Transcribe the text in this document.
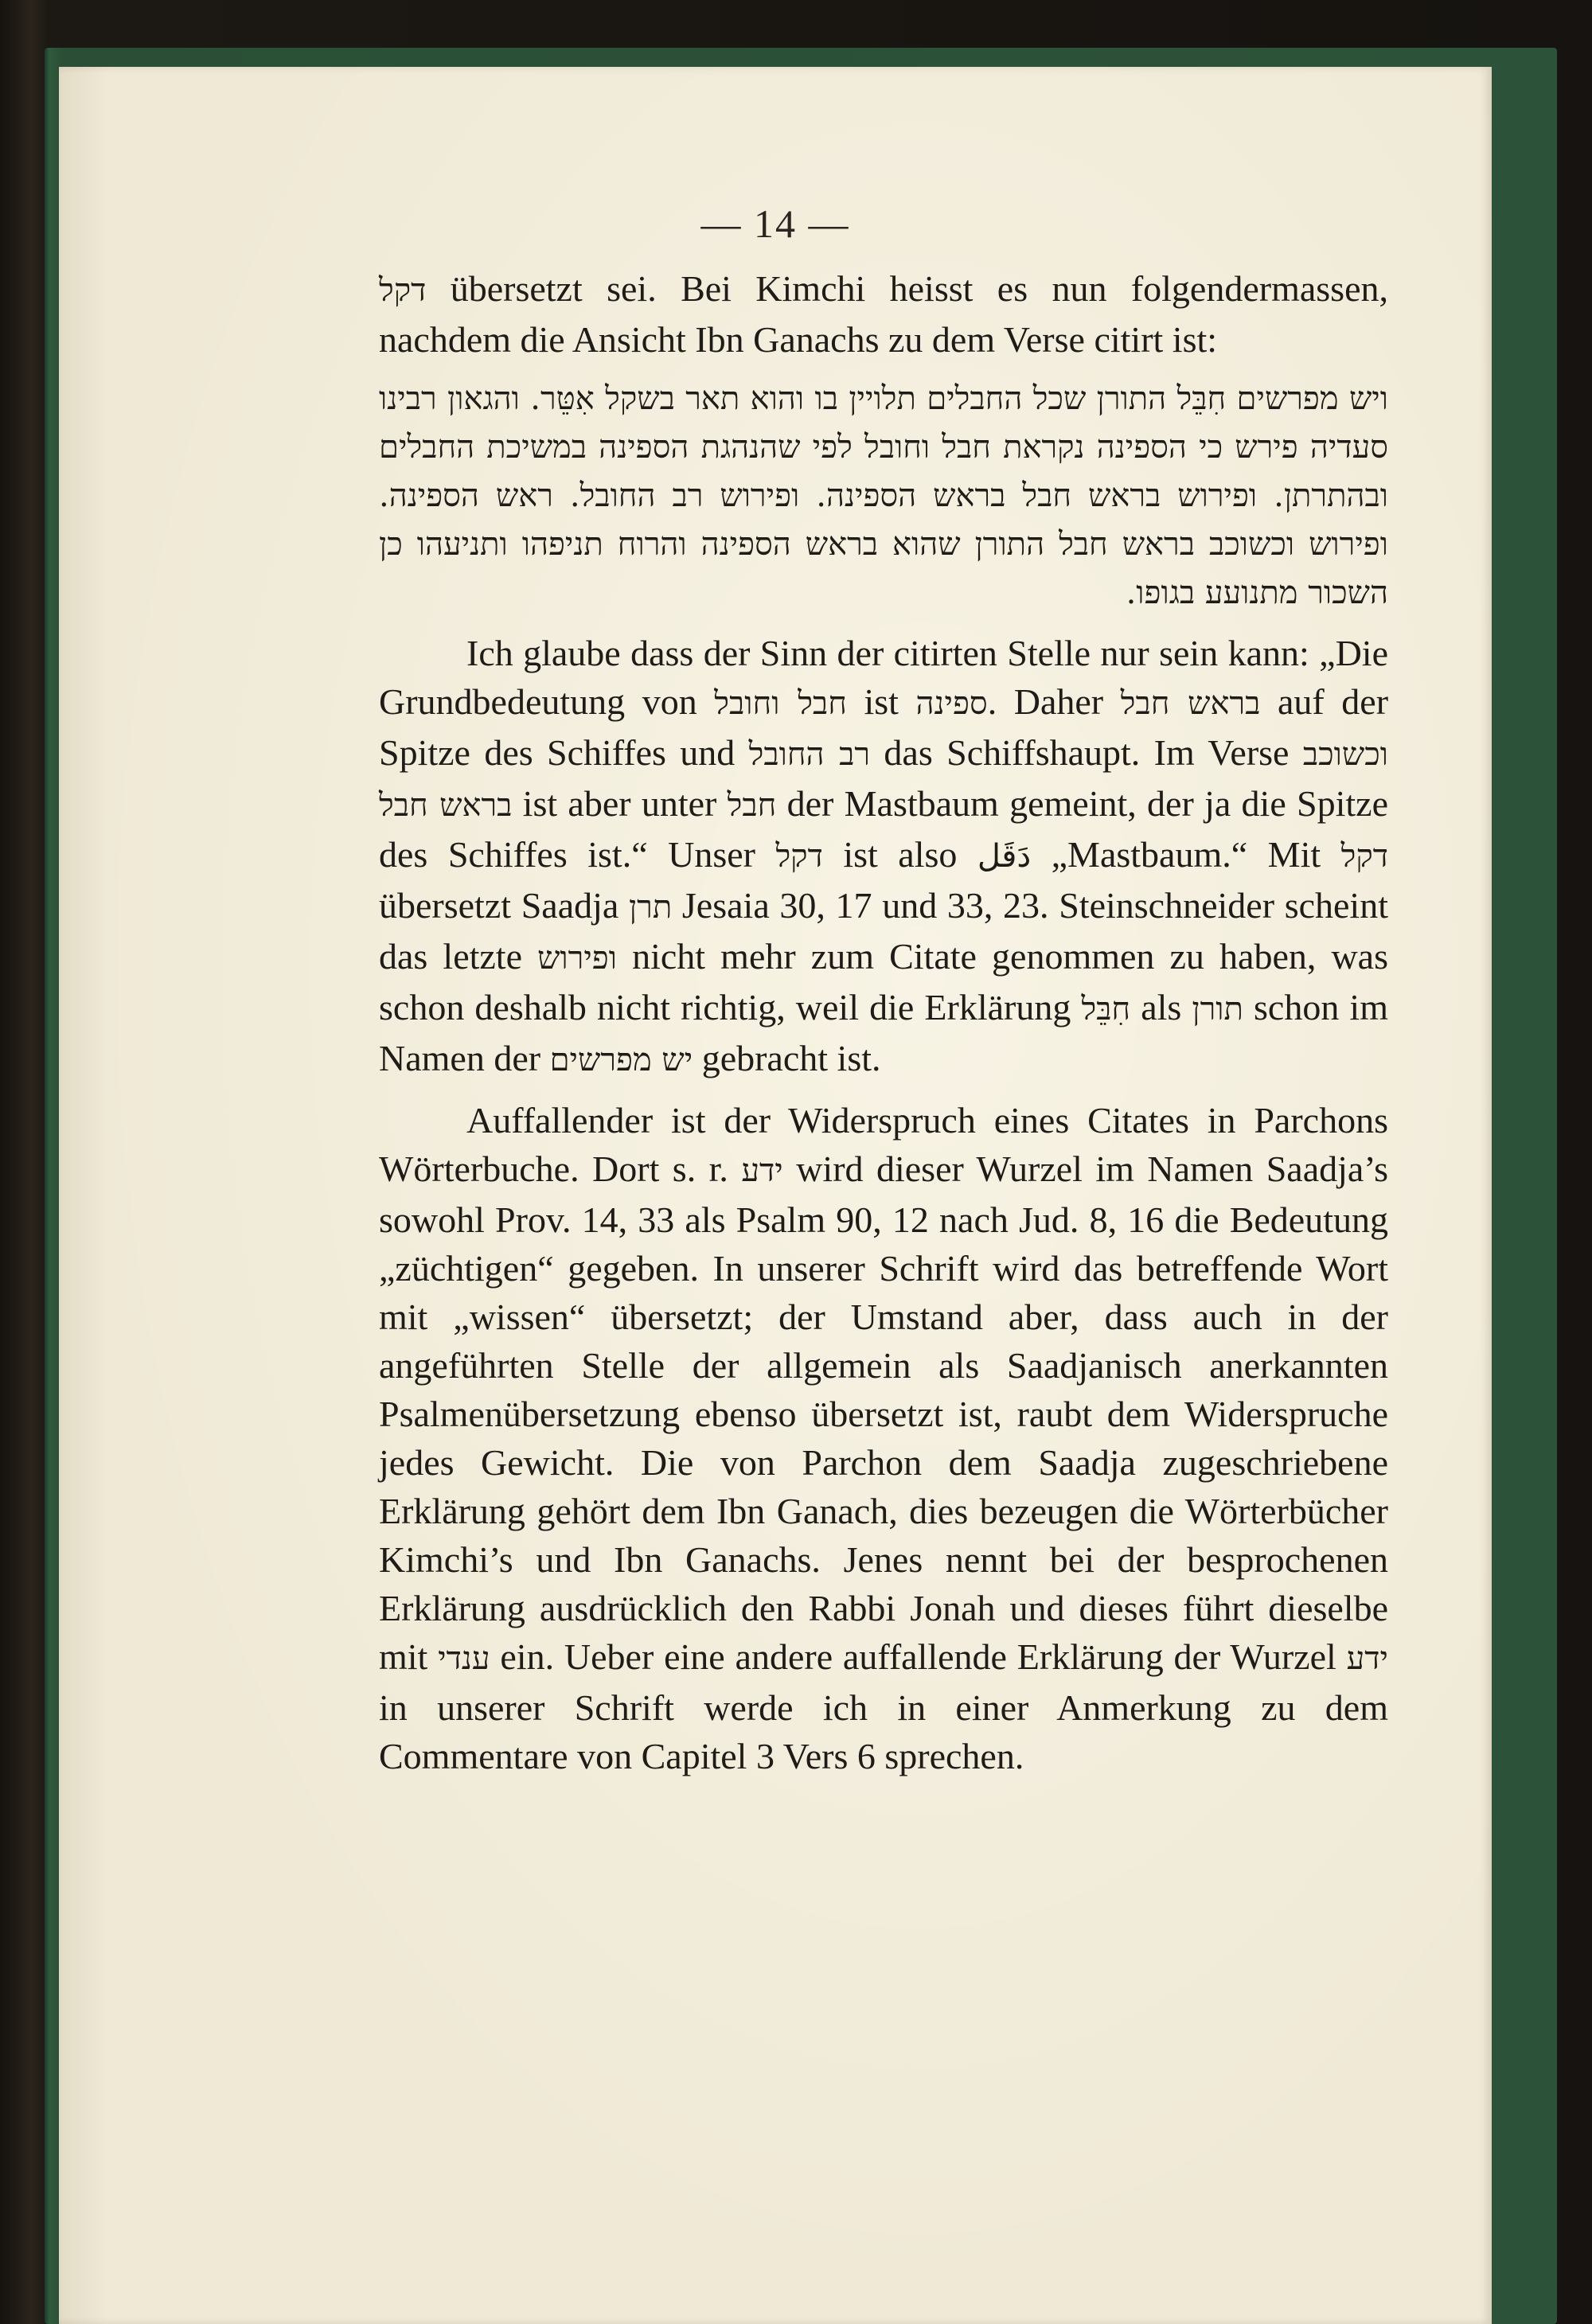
— 14 —

דקל übersetzt sei. Bei Kimchi heisst es nun folgendermassen, nachdem die Ansicht Ibn Ganachs zu dem Verse citirt ist:

ויש מפרשים חִבֵּל התורן שכל החבלים תלויין בו והוא תאר בשקל אִטֵּר. והגאון רבינו סעדיה פירש כי הספינה נקראת חבל וחובל לפי שהנהגת הספינה במשיכת החבלים ובהתרתן. ופירוש בראש חבל בראש הספינה. ופירוש רב החובל. ראש הספינה. ופירוש וכשוכב בראש חבל התורן שהוא בראש הספינה והרוח תניפהו ותניעהו כן השכור מתנועע בגופו.

Ich glaube dass der Sinn der citirten Stelle nur sein kann: „Die Grundbedeutung von חבל וחובל ist ספינה. Daher בראש חבל auf der Spitze des Schiffes und רב החובל das Schiffshaupt. Im Verse וכשוכב בראש חבל ist aber unter חבל der Mastbaum gemeint, der ja die Spitze des Schiffes ist.“ Unser דקל ist also دَقَل „Mastbaum.“ Mit דקל übersetzt Saadja תרן Jesaia 30, 17 und 33, 23. Steinschneider scheint das letzte ופירוש nicht mehr zum Citate genommen zu haben, was schon deshalb nicht richtig, weil die Erklärung חִבֵּל als תורן schon im Namen der יש מפרשים gebracht ist.

Auffallender ist der Widerspruch eines Citates in Parchons Wörterbuche. Dort s. r. ידע wird dieser Wurzel im Namen Saadja’s sowohl Prov. 14, 33 als Psalm 90, 12 nach Jud. 8, 16 die Bedeutung „züchtigen“ gegeben. In unserer Schrift wird das betreffende Wort mit „wissen“ übersetzt; der Umstand aber, dass auch in der angeführten Stelle der allgemein als Saadjanisch anerkannten Psalmenübersetzung ebenso übersetzt ist, raubt dem Widerspruche jedes Gewicht. Die von Parchon dem Saadja zugeschriebene Erklärung gehört dem Ibn Ganach, dies bezeugen die Wörterbücher Kimchi’s und Ibn Ganachs. Jenes nennt bei der besprochenen Erklärung ausdrücklich den Rabbi Jonah und dieses führt dieselbe mit ענדי ein. Ueber eine andere auffallende Erklärung der Wurzel ידע in unserer Schrift werde ich in einer Anmerkung zu dem Commentare von Capitel 3 Vers 6 sprechen.
